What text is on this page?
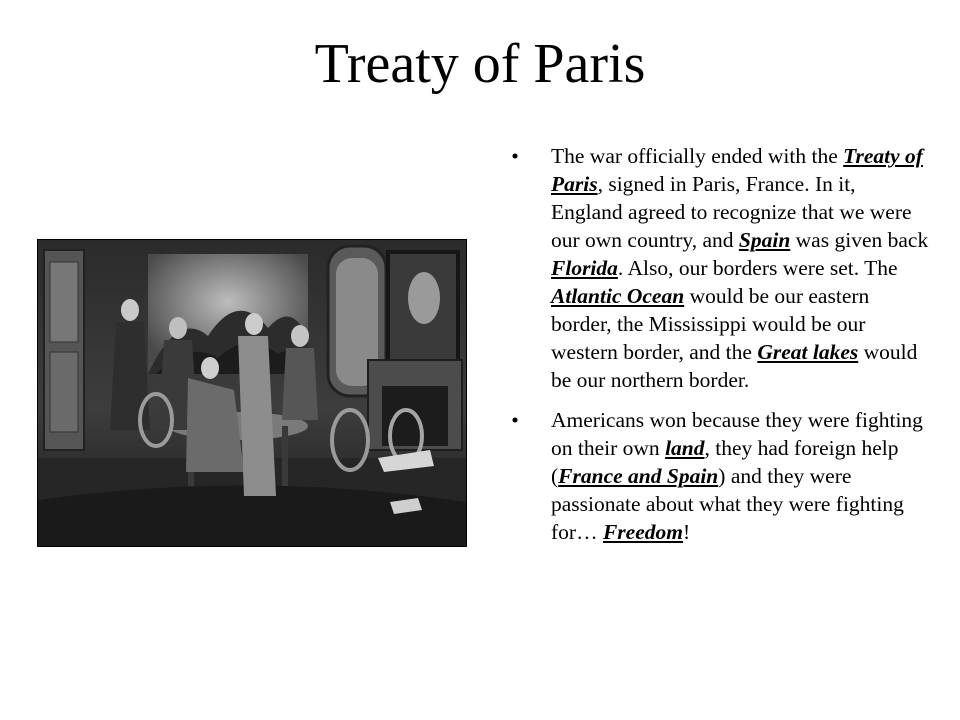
Treaty of Paris
• The war officially ended with the Treaty of Paris, signed in Paris, France. In it, England agreed to recognize that we were our own country, and Spain was given back Florida. Also, our borders were set. The Atlantic Ocean would be our eastern border, the Mississippi would be our western border, and the Great lakes would be our northern border.
• Americans won because they were fighting on their own land, they had foreign help (France and Spain) and they were passionate about what they were fighting for… Freedom!
